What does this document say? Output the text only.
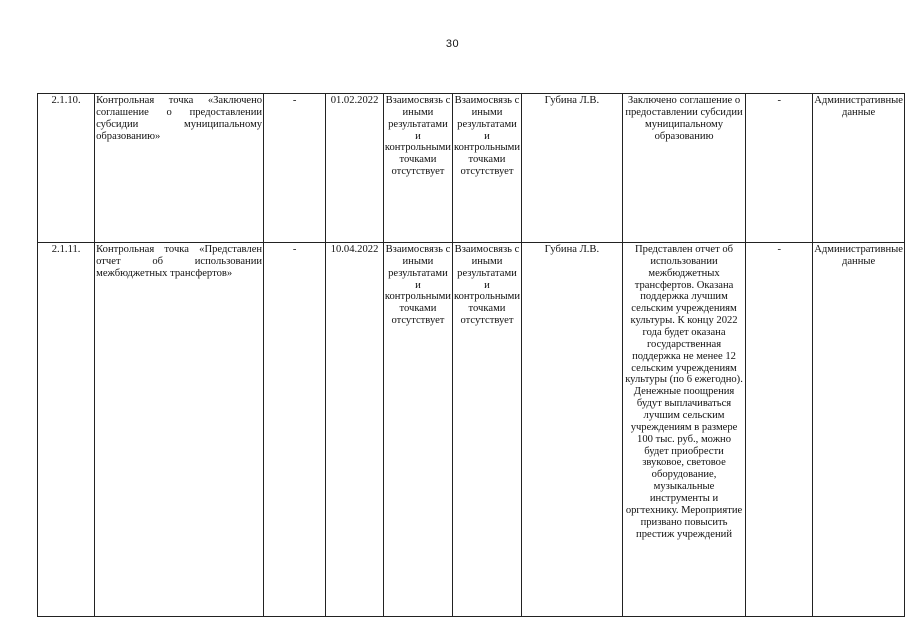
30
2.1.10.	Контрольная точка «Заключено соглашение о предоставлении субсидии муниципальному образованию»	-	01.02.2022	Взаимосвязь с иными результатами и контрольными точками отсутствует	Взаимосвязь с иными результатами и контрольными точками отсутствует	Губина Л.В.	Заключено соглашение о предоставлении субсидии муниципальному образованию	-	Административные данные
2.1.11.	Контрольная точка «Представлен отчет об использовании межбюджетных трансфертов»	-	10.04.2022	Взаимосвязь с иными результатами и контрольными точками отсутствует	Взаимосвязь с иными результатами и контрольными точками отсутствует	Губина Л.В.	Представлен отчет об использовании межбюджетных трансфертов. Оказана поддержка лучшим сельским учреждениям культуры. К концу 2022 года будет оказана государственная поддержка не менее 12 сельским учреждениям культуры (по 6 ежегодно). Денежные поощрения будут выплачиваться лучшим сельским учреждениям в размере 100 тыс. руб., можно будет приобрести звуковое, световое оборудование, музыкальные инструменты и оргтехнику. Мероприятие призвано повысить престиж учреждений	-	Административные данные
